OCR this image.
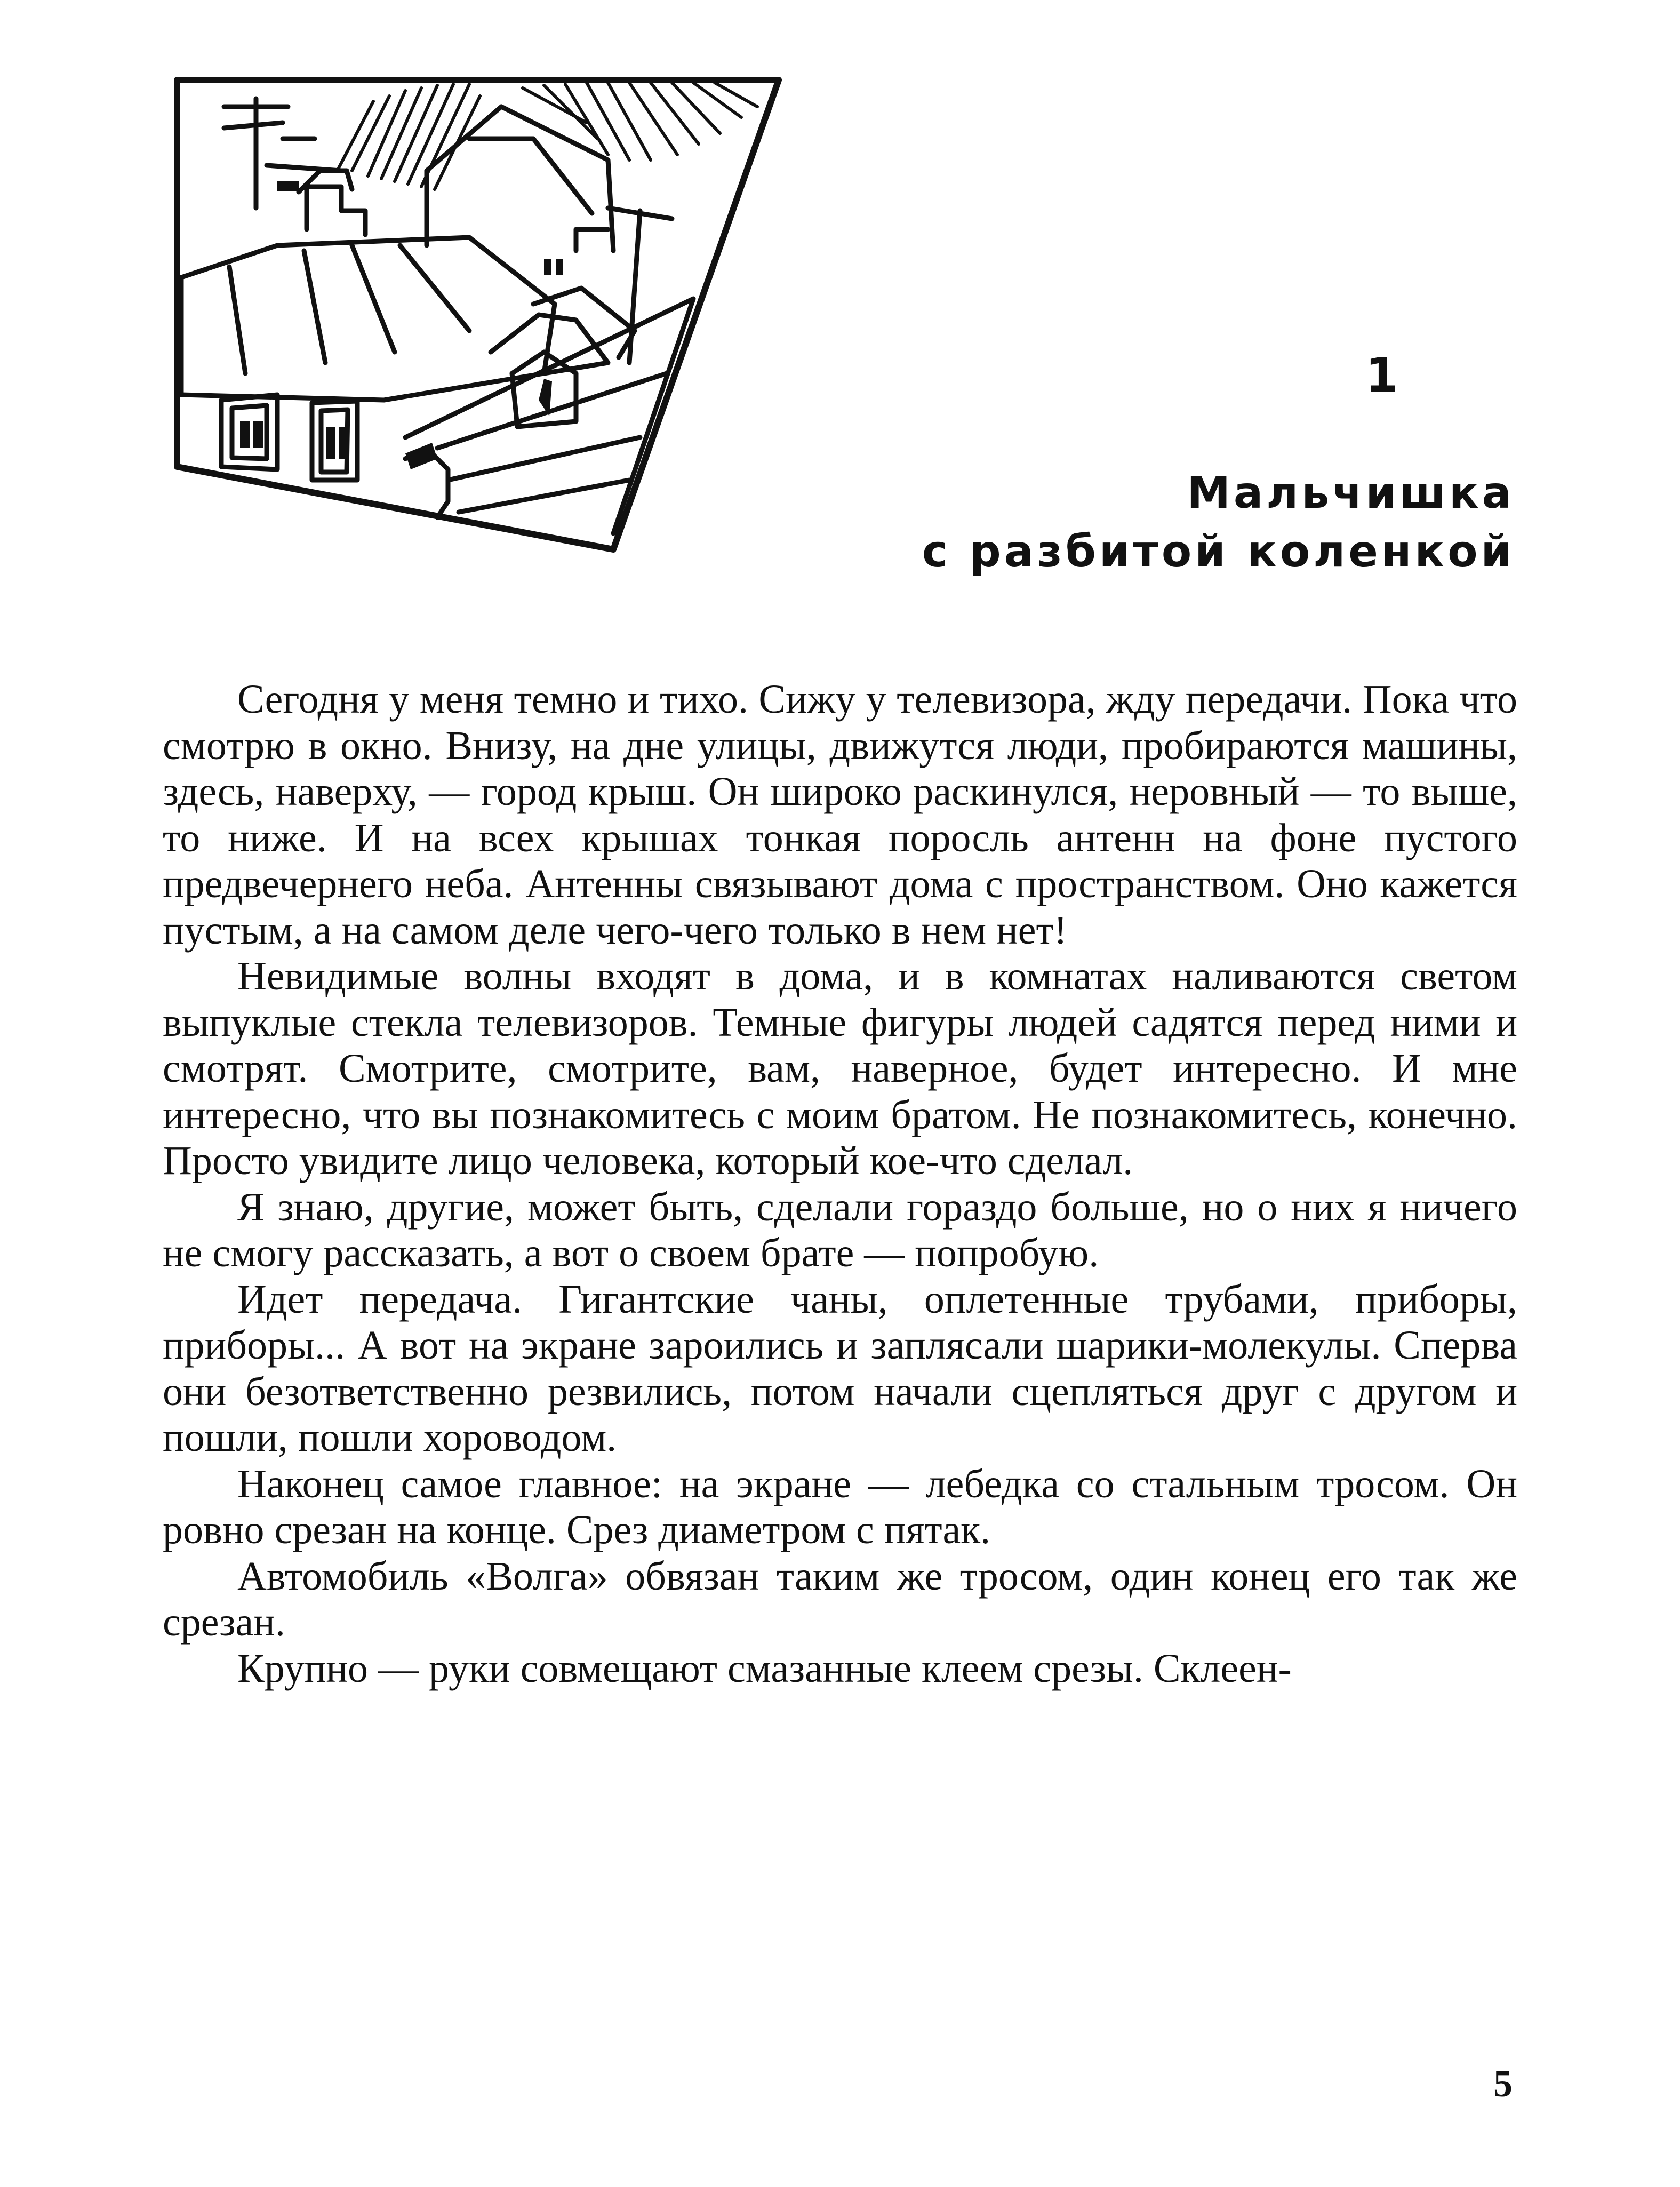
1
Мальчишка
с разбитой коленкой

Сегодня у меня темно и тихо. Сижу у телевизора, жду передачи. Пока что смотрю в окно. Внизу, на дне улицы, движутся люди, пробираются машины, здесь, наверху, — город крыш. Он широко раскинулся, неровный — то выше, то ниже. И на всех крышах тонкая поросль антенн на фоне пустого предвечернего неба. Антенны связывают дома с пространством. Оно кажется пустым, а на самом деле чего-чего только в нем нет!

Невидимые волны входят в дома, и в комнатах наливаются светом выпуклые стекла телевизоров. Темные фигуры людей садятся перед ними и смотрят. Смотрите, смотрите, вам, наверное, будет интересно. И мне интересно, что вы познакомитесь с моим братом. Не познакомитесь, конечно. Просто увидите лицо человека, который кое-что сделал.

Я знаю, другие, может быть, сделали гораздо больше, но о них я ничего не смогу рассказать, а вот о своем брате — попробую.

Идет передача. Гигантские чаны, оплетенные трубами, приборы, приборы... А вот на экране зароились и заплясали шарики-молекулы. Сперва они безответственно резвились, потом начали сцепляться друг с другом и пошли, пошли хороводом.

Наконец самое главное: на экране — лебедка со стальным тросом. Он ровно срезан на конце. Срез диаметром с пятак.

Автомобиль «Волга» обвязан таким же тросом, один конец его так же срезан.

Крупно — руки совмещают смазанные клеем срезы. Склеен-

5
